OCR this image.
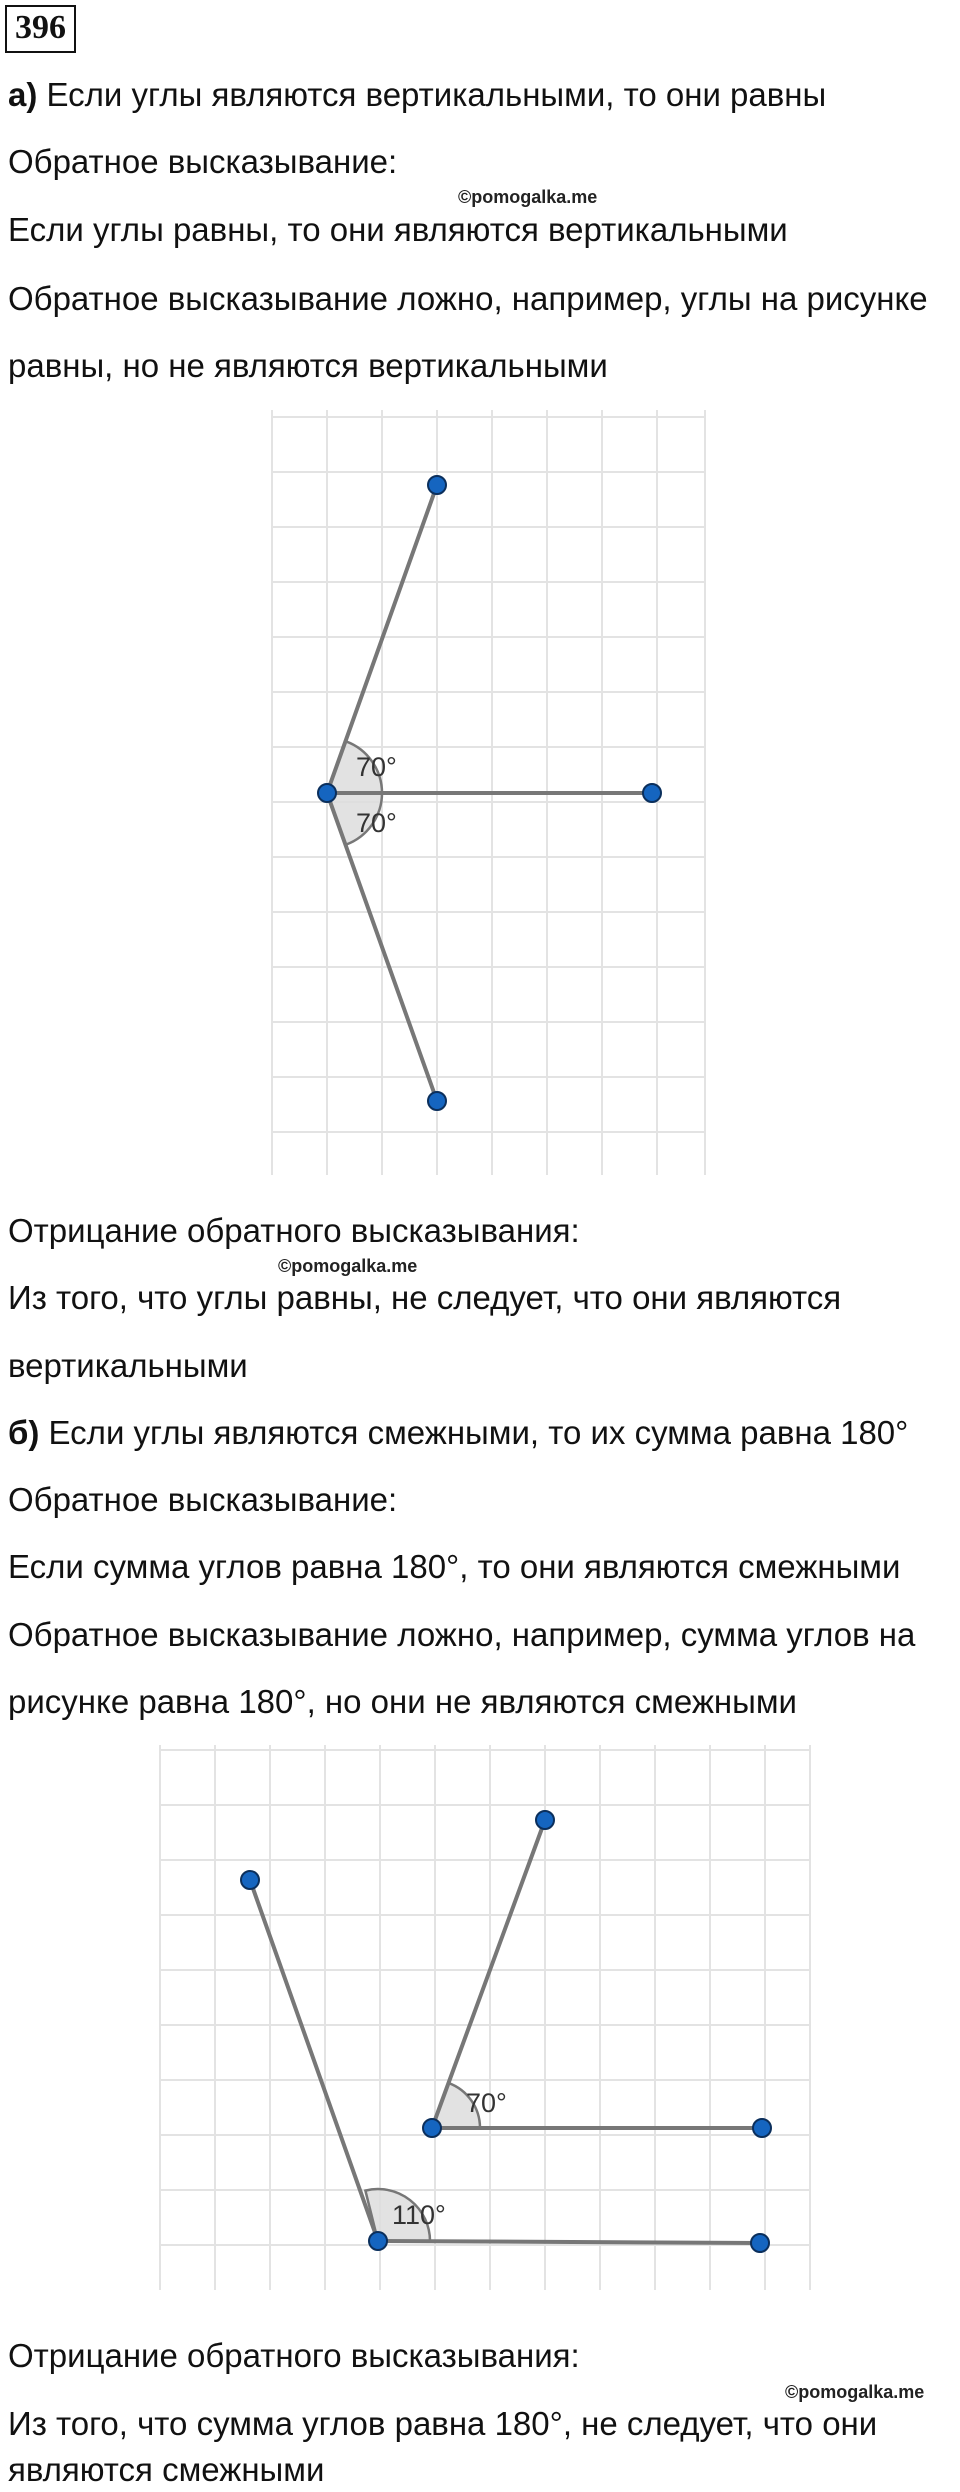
396
а) Если углы являются вертикальными, то они равны
Обратное высказывание:
©pomogalka.me
Если углы равны, то они являются вертикальными
Обратное высказывание ложно, например, углы на рисунке
равны, но не являются вертикальными
70°
70°
Отрицание обратного высказывания:
©pomogalka.me
Из того, что углы равны, не следует, что они являются
вертикальными
б) Если углы являются смежными, то их сумма равна 180°
Обратное высказывание:
Если сумма углов равна 180°, то они являются смежными
Обратное высказывание ложно, например, сумма углов на
рисунке равна 180°, но они не являются смежными
70°
110°
Отрицание обратного высказывания:
©pomogalka.me
Из того, что сумма углов равна 180°, не следует, что они
являются смежными
